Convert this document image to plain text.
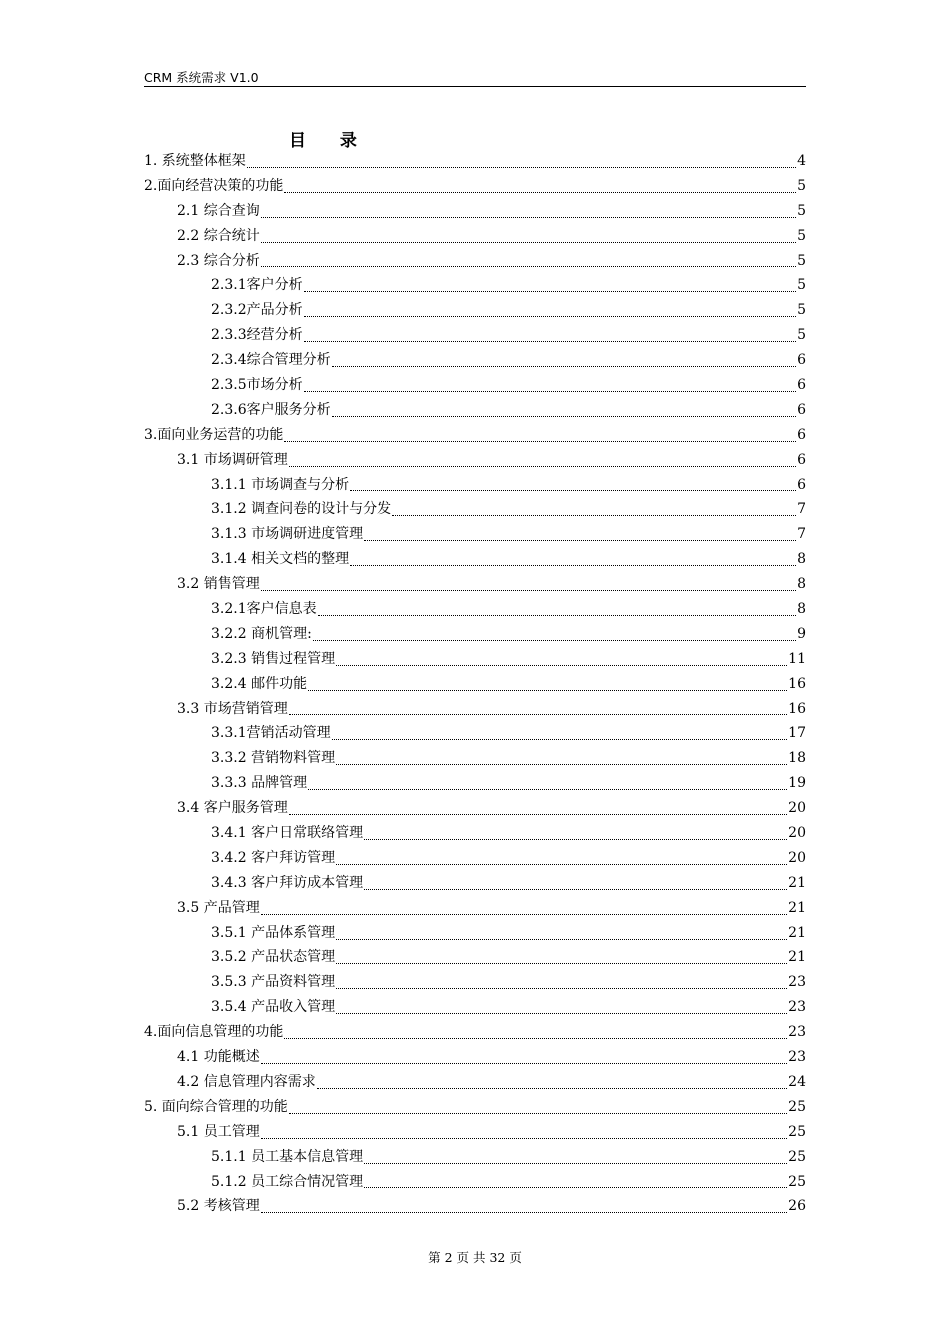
CRM 系统需求 V1.0
目 录
1. 系统整体框架	4
2.面向经营决策的功能	5
2.1 综合查询	5
2.2 综合统计	5
2.3 综合分析	5
2.3.1客户分析	5
2.3.2产品分析	5
2.3.3经营分析	5
2.3.4综合管理分析	6
2.3.5市场分析	6
2.3.6客户服务分析	6
3.面向业务运营的功能	6
3.1 市场调研管理	6
3.1.1 市场调查与分析	6
3.1.2 调查问卷的设计与分发	7
3.1.3 市场调研进度管理	7
3.1.4 相关文档的整理	8
3.2 销售管理	8
3.2.1客户信息表	8
3.2.2 商机管理:	9
3.2.3 销售过程管理	11
3.2.4 邮件功能	16
3.3 市场营销管理	16
3.3.1营销活动管理	17
3.3.2 营销物料管理	18
3.3.3 品牌管理	19
3.4 客户服务管理	20
3.4.1 客户日常联络管理	20
3.4.2 客户拜访管理	20
3.4.3 客户拜访成本管理	21
3.5 产品管理	21
3.5.1 产品体系管理	21
3.5.2 产品状态管理	21
3.5.3 产品资料管理	23
3.5.4 产品收入管理	23
4.面向信息管理的功能	23
4.1 功能概述	23
4.2 信息管理内容需求	24
5. 面向综合管理的功能	25
5.1 员工管理	25
5.1.1 员工基本信息管理	25
5.1.2 员工综合情况管理	25
5.2 考核管理	26
第 2 页 共 32 页
